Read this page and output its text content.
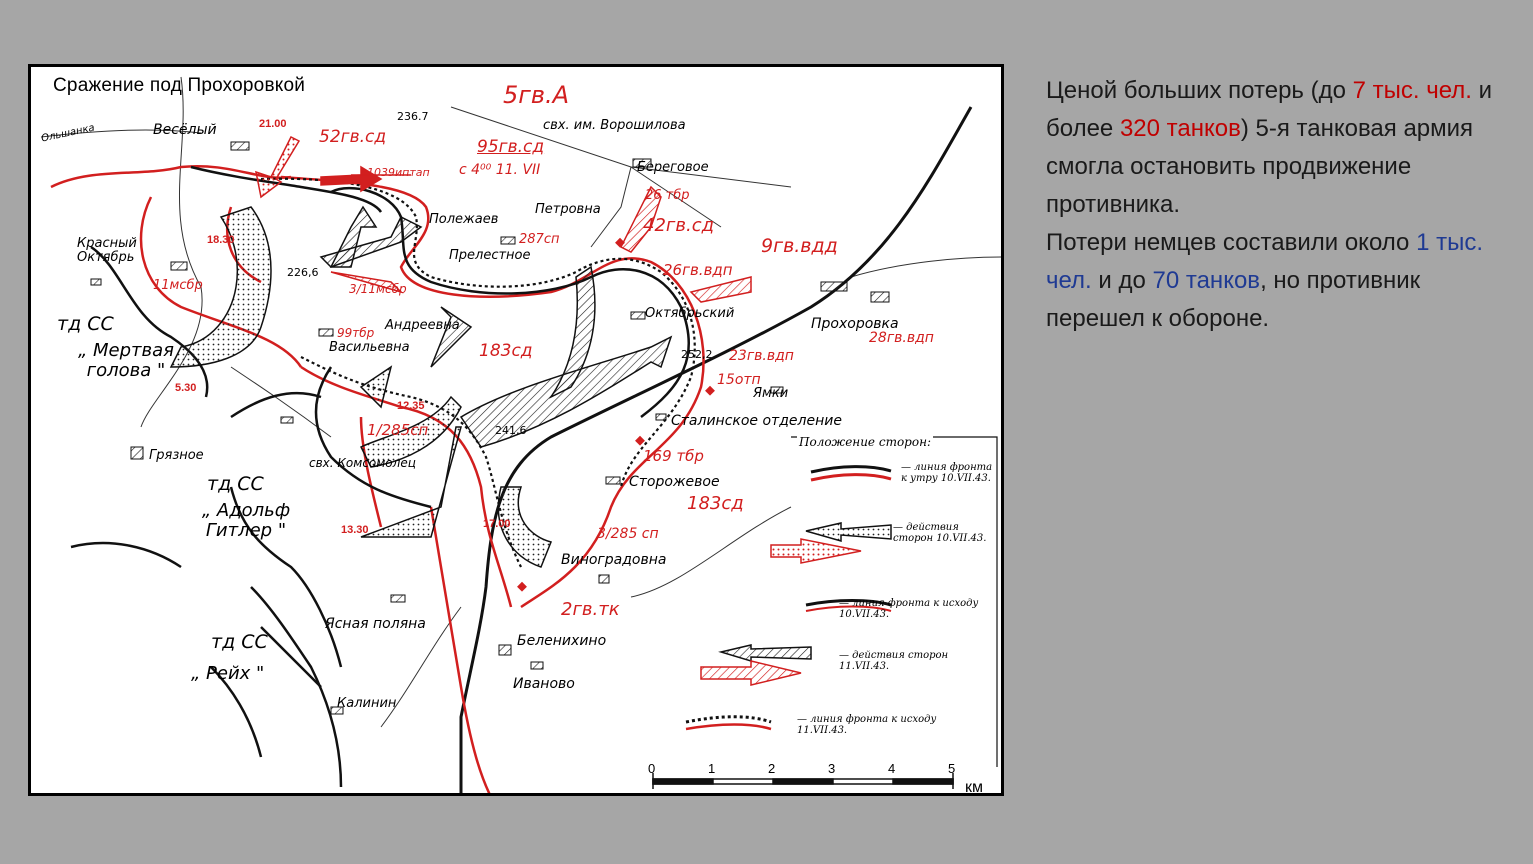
Сражение под Прохоровкой
Весёлый
Ольшанка
Красный Октябрь
Полежаев
Петровна
Береговое
свх. им. Ворошилова
Прелестное
Октябрьский
Прохоровка
Андреевна
Васильевна
Ямки
Сталинское отделение
свх. Комсомолец
Грязное
Сторожевое
Виноградовна
Ясная поляна
Беленихино
Иваново
Калинин
236.7
226,6
252,2
241,6
5гв.А
52гв.сд
1039иптап
95гв.сд
с 4⁰⁰ 11. VII
26 тбр
42гв.сд
9гв.вдд
287сп
26гв.вдп
11мсбр	3/11мсбр
99тбр
183сд	23гв.вдп
15отп
28гв.вдп
1/285сп
169 тбр
183сд
3/285 сп
2гв.тк
тд СС
„ Мертвая голова "
тд СС
„ Адольф Гитлер "
тд СС
„ Рейх "
21.00
18.30
5.30
12.35
13.30	17.00
Положение сторон:
— линия фронта к утру 10.VII.43.
— действия сторон 10.VII.43.
— линия фронта к исходу 10.VII.43.
— действия сторон 11.VII.43.
— линия фронта к исходу 11.VII.43.
0	1	2	3	4	5
км

Ценой больших потерь (до 7 тыс. чел. и более 320 танков) 5-я танковая армия смогла остановить продвижение противника.

Потери немцев составили около 1 тыс. чел. и до 70 танков, но противник перешел к обороне.
